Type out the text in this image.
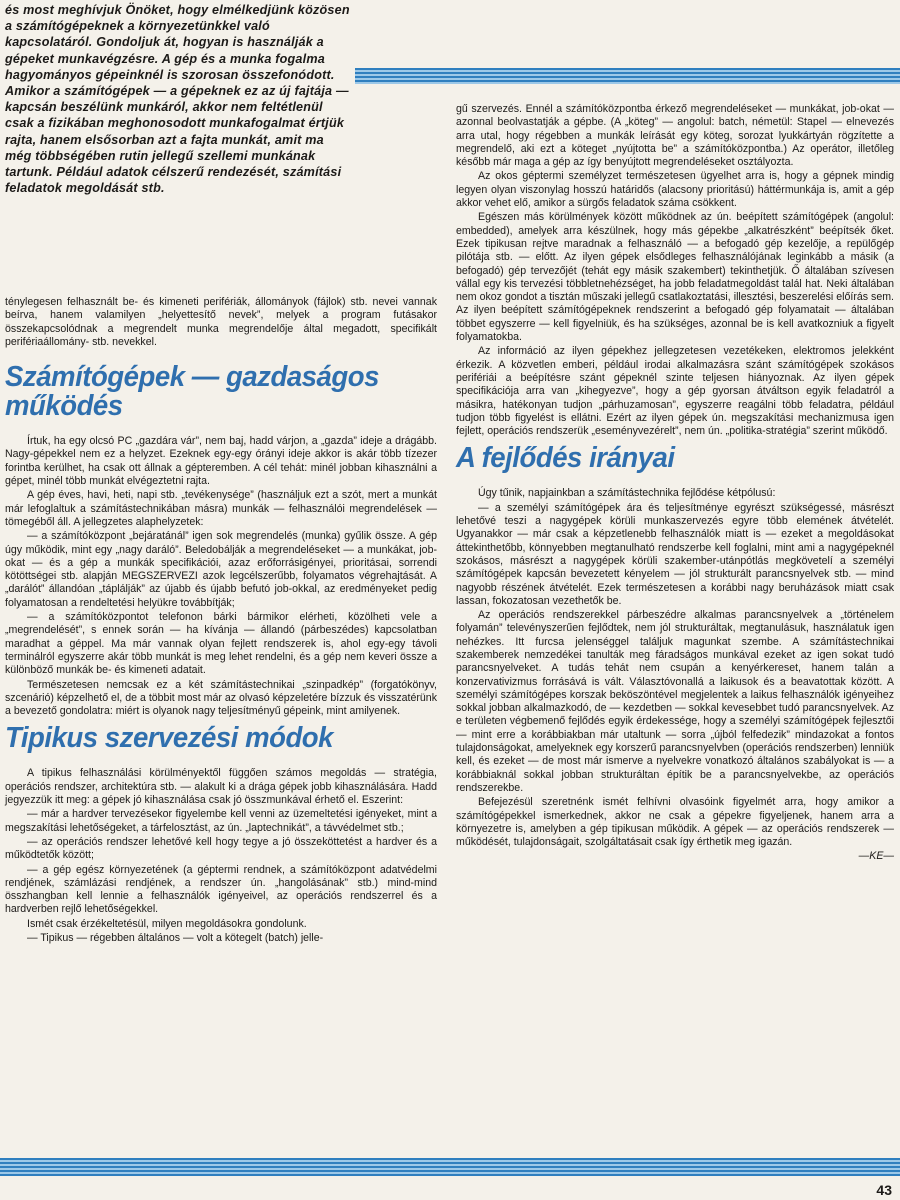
és most meghívjuk Önöket, hogy elmélkedjünk közösen a számítógépeknek a környezetünkkel való kapcsolatáról. Gondoljuk át, hogyan is használják a gépeket munkavégzésre. A gép és a munka fogalma hagyományos gépeinknél is szorosan összefonódott. Amikor a számítógépek — a gépeknek ez az új fajtája — kapcsán beszélünk munkáról, akkor nem feltétlenül csak a fizikában meghonosodott munkafogalmat értjük rajta, hanem elsősorban azt a fajta munkát, amit ma még többségében rutin jellegű szellemi munkának tartunk. Például adatok célszerű rendezését, számítási feladatok megoldását stb.

ténylegesen felhasznált be- és kimeneti perifériák, állományok (fájlok) stb. nevei vannak beírva, hanem valamilyen „helyettesítő nevek”, melyek a program futásakor összekapcsolódnak a megrendelt munka megrendelője által megadott, specifikált perifériaállomány- stb. nevekkel.

Számítógépek — gazdaságos működés

Írtuk, ha egy olcsó PC „gazdára vár”, nem baj, hadd várjon, a „gazda” ideje a drágább. Nagy-gépekkel nem ez a helyzet. Ezeknek egy-egy órányi ideje akkor is akár több tízezer forintba kerülhet, ha csak ott állnak a gépteremben. A cél tehát: minél jobban kihasználni a gépet, minél több munkát elvégeztetni rajta.

A gép éves, havi, heti, napi stb. „tevékenysége” (használjuk ezt a szót, mert a munkát már lefoglaltuk a számítástechnikában másra) munkák — felhasználói megrendelések — tömegéből áll. A jellegzetes alaphelyzetek:

— a számítóközpont „bejáratánál” igen sok megrendelés (munka) gyűlik össze. A gép úgy működik, mint egy „nagy daráló”. Beledobálják a megrendeléseket — a munkákat, job-okat — és a gép a munkák specifikációi, azaz erőforrásigényei, prioritásai, sorrendi kötöttségei stb. alapján MEGSZERVEZI azok legcélszerűbb, folyamatos végrehajtását. A „darálót” állandóan „táplálják” az újabb és újabb befutó job-okkal, az eredményeket pedig folyamatosan a rendeltetési helyükre továbbítják;

— a számítóközpontot telefonon bárki bármikor elérheti, közölheti vele a „megrendelését”, s ennek során — ha kívánja — állandó (párbeszédes) kapcsolatban maradhat a géppel. Ma már vannak olyan fejlett rendszerek is, ahol egy-egy távoli terminálról egyszerre akár több munkát is meg lehet rendelni, és a gép nem keveri össze a különböző munkák be- és kimeneti adatait.

Természetesen nemcsak ez a két számítástechnikai „szinpadkép” (forgatókönyv, szcenárió) képzelhető el, de a többit most már az olvasó képzeletére bízzuk és visszatérünk a bevezető gondolatra: miért is olyanok nagy teljesítményű gépeink, mint amilyenek.

Tipikus szervezési módok

A tipikus felhasználási körülményektől függően számos megoldás — stratégia, operációs rendszer, architektúra stb. — alakult ki a drága gépek jobb kihasználására. Hadd jegyezzük itt meg: a gépek jó kihasználása csak jó összmunkával érhető el. Eszerint:

— már a hardver tervezésekor figyelembe kell venni az üzemeltetési igényeket, mint a megszakítási lehetőségeket, a tárfelosztást, az ún. „laptechnikát”, a távvédelmet stb.;

— az operációs rendszer lehetővé kell hogy tegye a jó összeköttetést a hardver és a működtetők között;

— a gép egész környezetének (a géptermi rendnek, a számítóközpont adatvédelmi rendjének, számlázási rendjének, a rendszer ún. „hangolásának” stb.) mind-mind összhangban kell lennie a felhasználók igényeivel, az operációs rendszerrel és a hardverben rejlő lehetőségekkel.

Ismét csak érzékeltetésül, milyen megoldásokra gondolunk.

— Tipikus — régebben általános — volt a kötegelt (batch) jelle-

gű szervezés. Ennél a számítóközpontba érkező megrendeléseket — munkákat, job-okat — azonnal beolvastatják a gépbe. (A „köteg” — angolul: batch, németül: Stapel — elnevezés arra utal, hogy régebben a munkák leírását egy köteg, sorozat lyukkártyán rögzítette a megrendelő, aki ezt a köteget „nyújtotta be” a számítóközpontba.) Az operátor, illetőleg később már maga a gép az így benyújtott megrendeléseket osztályozta.

Az okos géptermi személyzet természetesen ügyelhet arra is, hogy a gépnek mindig legyen olyan viszonylag hosszú határidős (alacsony prioritású) háttérmunkája is, amit a gép akkor vehet elő, amikor a sürgős feladatok száma csökkent.

Egészen más körülmények között működnek az ún. beépített számítógépek (angolul: embedded), amelyek arra készülnek, hogy más gépekbe „alkatrészként” beépítsék őket. Ezek tipikusan rejtve maradnak a felhasználó — a befogadó gép kezelője, a repülőgép pilótája stb. — előtt. Az ilyen gépek elsődleges felhasználójának leginkább a másik (a befogadó) gép tervezőjét (tehát egy másik szakembert) tekinthetjük. Ő általában szívesen vállal egy kis tervezési többletnehézséget, ha jobb feladatmegoldást talál hat. Neki általában nem okoz gondot a tisztán műszaki jellegű csatlakoztatási, illesztési, beszerelési előírás sem. Az ilyen beépített számítógépeknek rendszerint a befogadó gép folyamatait — általában többet egyszerre — kell figyelniük, és ha szükséges, azonnal be is kell avatkozniuk a figyelt folyamatokba.

Az információ az ilyen gépekhez jellegzetesen vezetékeken, elektromos jelekként érkezik. A közvetlen emberi, például irodai alkalmazásra szánt számítógépek szokásos perifériái a beépítésre szánt gépeknél szinte teljesen hiányoznak. Az ilyen gépek specifikációja arra van „kihegyezve”, hogy a gép gyorsan átváltson egyik feladatról a másikra, hatékonyan tudjon „párhuzamosan”, egyszerre reagálni több feladatra, például tudjon több figyelést is ellátni. Ezért az ilyen gépek ún. megszakítási mechanizmusa igen fejlett, operációs rendszerük „eseményvezérelt”, nem ún. „politika-stratégia” szerint működő.

A fejlődés irányai

Úgy tűnik, napjainkban a számítástechnika fejlődése kétpólusú:

— a személyi számítógépek ára és teljesítménye egyrészt szükségessé, másrészt lehetővé teszi a nagygépek körüli munkaszervezés egyre több elemének átvételét. Ugyanakkor — már csak a képzetlenebb felhasználók miatt is — ezeket a megoldásokat áttekinthetőbb, könnyebben megtanulható rendszerbe kell foglalni, mint ami a nagygépeknél szokásos, másrészt a nagygépek körüli szakember-utánpótlás megkövetelí a személyi számítógépek kapcsán bevezetett kényelem — jól strukturált parancsnyelvek stb. — mind nagyobb részének átvételét. Ezek természetesen a korábbi nagy beruházások miatt csak lassan, fokozatosan vezethetők be.

Az operációs rendszerekkel párbeszédre alkalmas parancsnyelvek a „történelem folyamán” televényszerűen fejlődtek, nem jól strukturáltak, megtanulásuk, használatuk igen nehézkes. Itt furcsa jelenséggel találjuk magunkat szembe. A számítástechnikai szakemberek nemzedékei tanulták meg fáradságos munkával ezeket az igen sokat tudó parancsnyelveket. A tudás tehát nem csupán a kenyérkereset, hanem talán a konzervativizmus forrásává is vált. Választóvonallá a laikusok és a beavatottak között. A személyi számítógépes korszak beköszöntével megjelentek a laikus felhasználók igényeihez sokkal jobban alkalmazkodó, de — kezdetben — sokkal kevesebbet tudó parancsnyelvek. Az e területen végbemenő fejlődés egyik érdekessége, hogy a személyi számítógépek fejlesztői — mint erre a korábbiakban már utaltunk — sorra „újból felfedezik” mindazokat a fontos tulajdonságokat, amelyeknek egy korszerű parancsnyelvben (operációs rendszerben) lenniük kell, és ezeket — de most már ismerve a nyelvekre vonatkozó általános szabályokat is — a korábbiaknál sokkal jobban strukturáltan építik be a parancsnyelvekbe, az operációs rendszerekbe.

Befejezésül szeretnénk ismét felhívni olvasóink figyelmét arra, hogy amikor a számítógépekkel ismerkednek, akkor ne csak a gépekre figyeljenek, hanem arra a környezetre is, amelyben a gép tipikusan működik. A gépek — az operációs rendszerek — működését, tulajdonságait, szolgáltatásait csak így érthetik meg igazán.

—KE—

43
